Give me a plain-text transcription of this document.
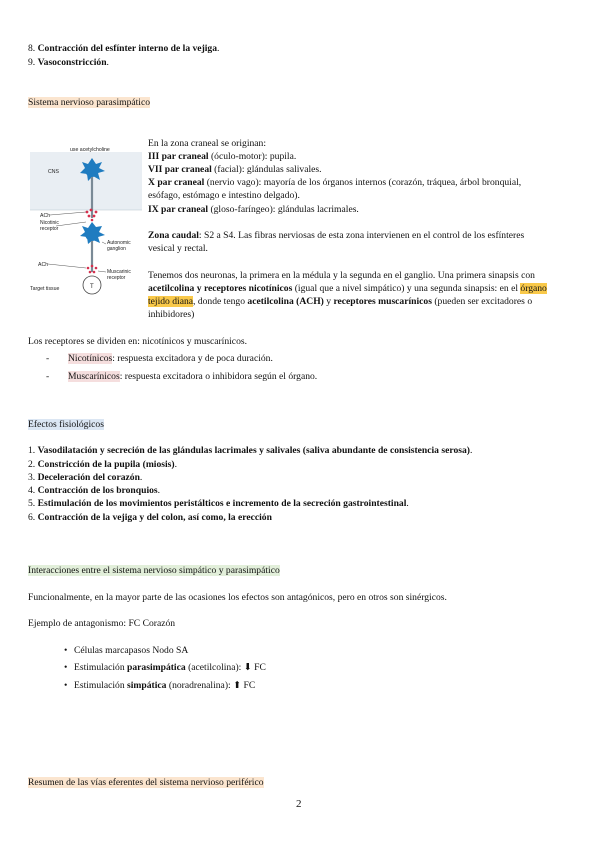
8. Contracción del esfínter interno de la vejiga.
9. Vasoconstricción.
Sistema nervioso parasimpático
use acetylcholine
CNS
ACh
Nicotinic
receptor
Autonomic
ganglion
ACh
Muscarinic
receptor
Target tissue	T
En la zona craneal se originan:
III par craneal (óculo-motor): pupila.
VII par craneal (facial): glándulas salivales.
X par craneal (nervio vago): mayoría de los órganos internos (corazón, tráquea, árbol bronquial,
esófago, estómago e intestino delgado).
IX par craneal (gloso-faríngeo): glándulas lacrimales.
Zona caudal: S2 a S4. Las fibras nerviosas de esta zona intervienen en el control de los esfínteres
vesical y rectal.
Tenemos dos neuronas, la primera en la médula y la segunda en el ganglio. Una primera sinapsis con
acetilcolina y receptores nicotínicos (igual que a nivel simpático) y una segunda sinapsis: en el órgano
tejido diana, donde tengo acetilcolina (ACH) y receptores muscarínicos (pueden ser excitadores o
inhibidores)
Los receptores se dividen en: nicotínicos y muscarínicos.
- Nicotínicos: respuesta excitadora y de poca duración.
- Muscarínicos: respuesta excitadora o inhibidora según el órgano.
Efectos fisiológicos
1. Vasodilatación y secreción de las glándulas lacrimales y salivales (saliva abundante de consistencia serosa).
2. Constricción de la pupila (miosis).
3. Deceleración del corazón.
4. Contracción de los bronquios.
5. Estimulación de los movimientos peristálticos e incremento de la secreción gastrointestinal.
6. Contracción de la vejiga y del colon, así como, la erección
Interacciones entre el sistema nervioso simpático y parasimpático
Funcionalmente, en la mayor parte de las ocasiones los efectos son antagónicos, pero en otros son sinérgicos.
Ejemplo de antagonismo: FC Corazón
• Células marcapasos Nodo SA
• Estimulación parasimpática (acetilcolina): ⬇ FC
• Estimulación simpática (noradrenalina): ⬆ FC
Resumen de las vías eferentes del sistema nervioso periférico
2
